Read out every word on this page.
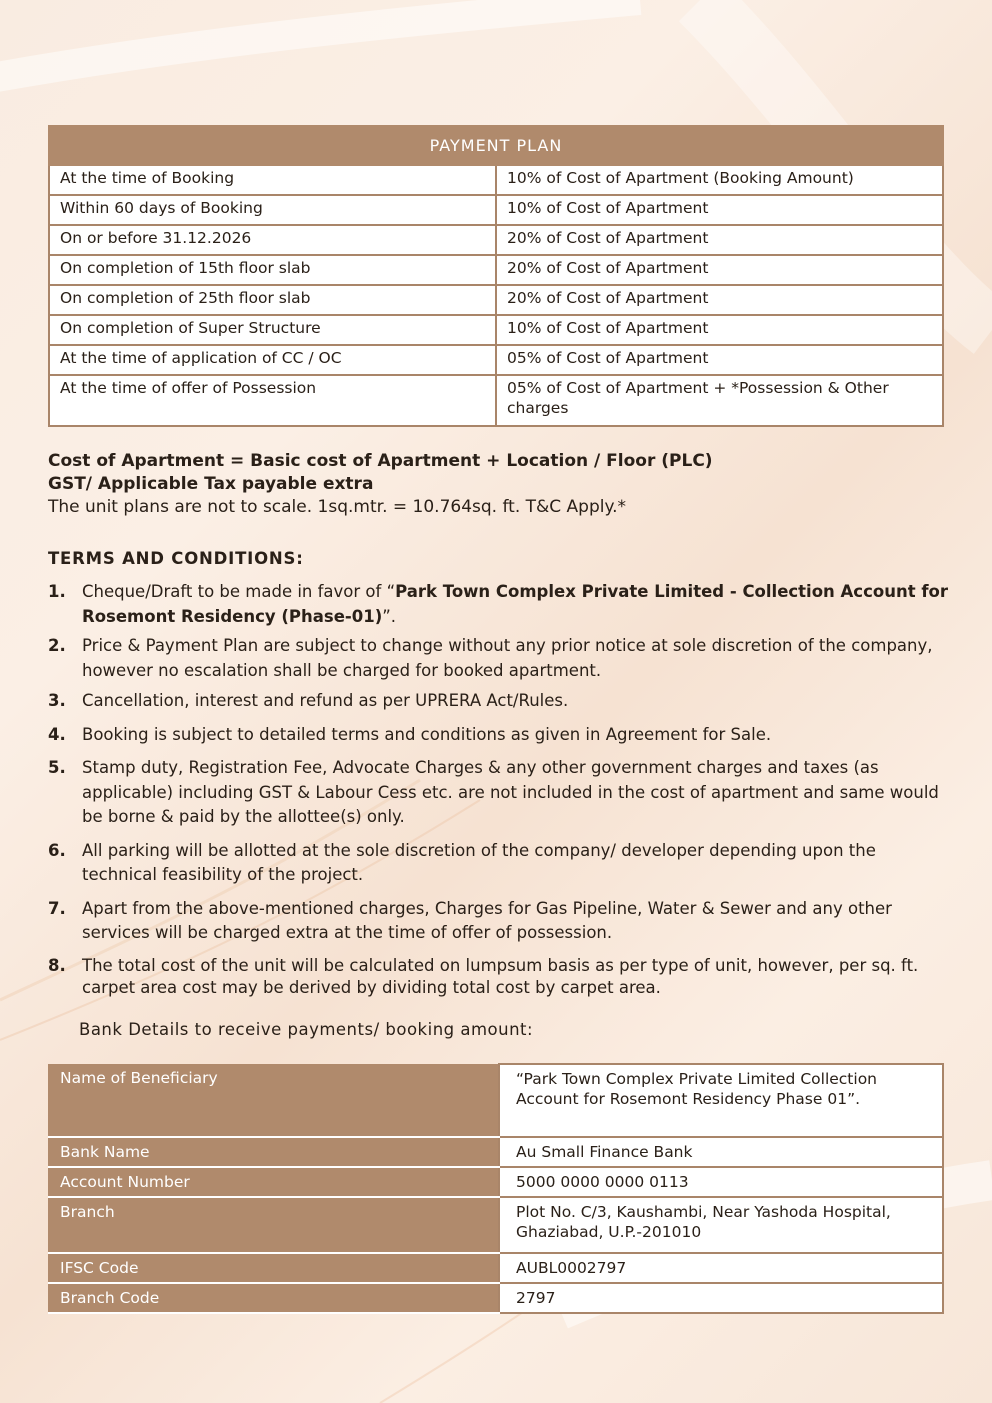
PAYMENT PLAN	
At the time of Booking	10% of Cost of Apartment (Booking Amount)
Within 60 days of Booking	10% of Cost of Apartment
On or before 31.12.2026	20% of Cost of Apartment
On completion of 15th floor slab	20% of Cost of Apartment
On completion of 25th floor slab	20% of Cost of Apartment
On completion of Super Structure	10% of Cost of Apartment
At the time of application of CC / OC	05% of Cost of Apartment
At the time of offer of Possession	05% of Cost of Apartment + *Possession & Other charges
Cost of Apartment = Basic cost of Apartment + Location / Floor (PLC)
GST/ Applicable Tax payable extra
The unit plans are not to scale. 1sq.mtr. = 10.764sq. ft. T&C Apply.*
TERMS AND CONDITIONS:
1. Cheque/Draft to be made in favor of “Park Town Complex Private Limited - Collection Account for Rosemont Residency (Phase-01)”.
2. Price & Payment Plan are subject to change without any prior notice at sole discretion of the company, however no escalation shall be charged for booked apartment.
3. Cancellation, interest and refund as per UPRERA Act/Rules.
4. Booking is subject to detailed terms and conditions as given in Agreement for Sale.
5. Stamp duty, Registration Fee, Advocate Charges & any other government charges and taxes (as applicable) including GST & Labour Cess etc. are not included in the cost of apartment and same would be borne & paid by the allottee(s) only.
6. All parking will be allotted at the sole discretion of the company/ developer depending upon the technical feasibility of the project.
7. Apart from the above-mentioned charges, Charges for Gas Pipeline, Water & Sewer and any other services will be charged extra at the time of offer of possession.
8. The total cost of the unit will be calculated on lumpsum basis as per type of unit, however, per sq. ft. carpet area cost may be derived by dividing total cost by carpet area.
Bank Details to receive payments/ booking amount:
Name of Beneficiary	“Park Town Complex Private Limited Collection Account for Rosemont Residency Phase 01”.
Bank Name	Au Small Finance Bank
Account Number	5000 0000 0000 0113
Branch	Plot No. C/3, Kaushambi, Near Yashoda Hospital, Ghaziabad, U.P.-201010
IFSC Code	AUBL0002797
Branch Code	2797
